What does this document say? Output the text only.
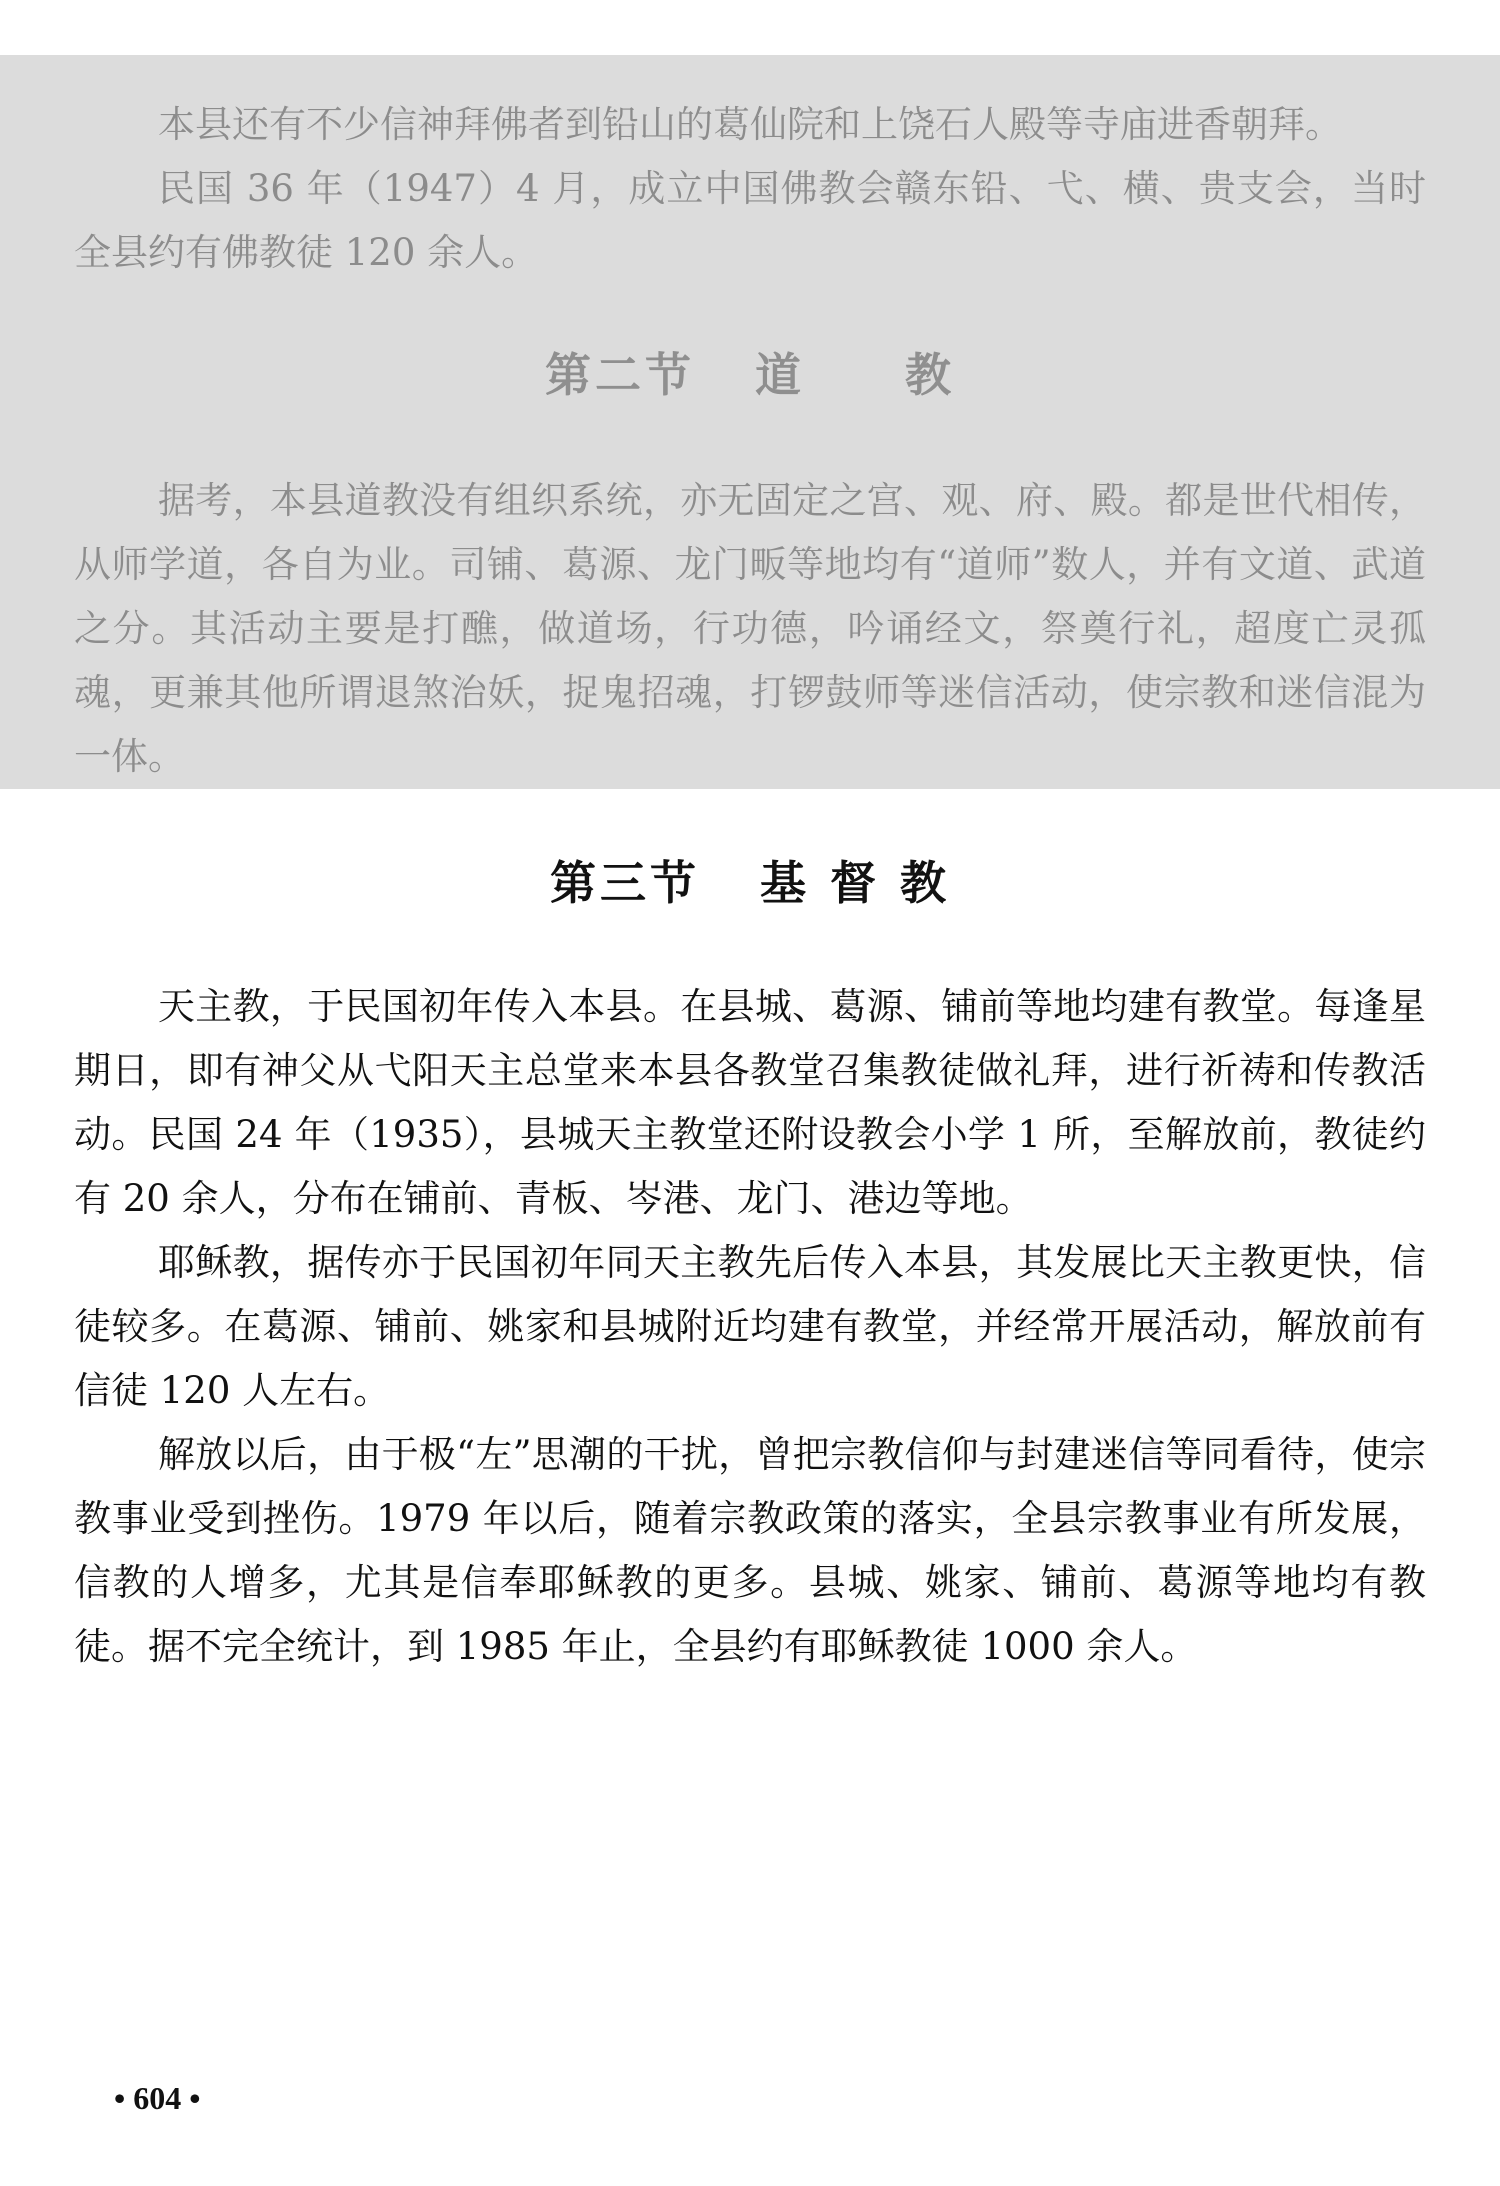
本县还有不少信神拜佛者到铅山的葛仙院和上饶石人殿等寺庙进香朝拜。

民国 36 年（1947）4 月，成立中国佛教会赣东铅、弋、横、贵支会，当时全县约有佛教徒 120 余人。

第二节 道　　教

据考，本县道教没有组织系统，亦无固定之宫、观、府、殿。都是世代相传，从师学道，各自为业。司铺、葛源、龙门畈等地均有“道师”数人，并有文道、武道之分。其活动主要是打醮，做道场，行功德，吟诵经文，祭奠行礼，超度亡灵孤魂，更兼其他所谓退煞治妖，捉鬼招魂，打锣鼓师等迷信活动，使宗教和迷信混为一体。

第三节 基 督 教

天主教，于民国初年传入本县。在县城、葛源、铺前等地均建有教堂。每逢星期日，即有神父从弋阳天主总堂来本县各教堂召集教徒做礼拜，进行祈祷和传教活动。民国 24 年（1935），县城天主教堂还附设教会小学 1 所，至解放前，教徒约有 20 余人，分布在铺前、青板、岑港、龙门、港边等地。

耶稣教，据传亦于民国初年同天主教先后传入本县，其发展比天主教更快，信徒较多。在葛源、铺前、姚家和县城附近均建有教堂，并经常开展活动，解放前有信徒 120 人左右。

解放以后，由于极“左”思潮的干扰，曾把宗教信仰与封建迷信等同看待，使宗教事业受到挫伤。1979 年以后，随着宗教政策的落实，全县宗教事业有所发展，信教的人增多，尤其是信奉耶稣教的更多。县城、姚家、铺前、葛源等地均有教徒。据不完全统计，到 1985 年止，全县约有耶稣教徒 1000 余人。

• 604 •
